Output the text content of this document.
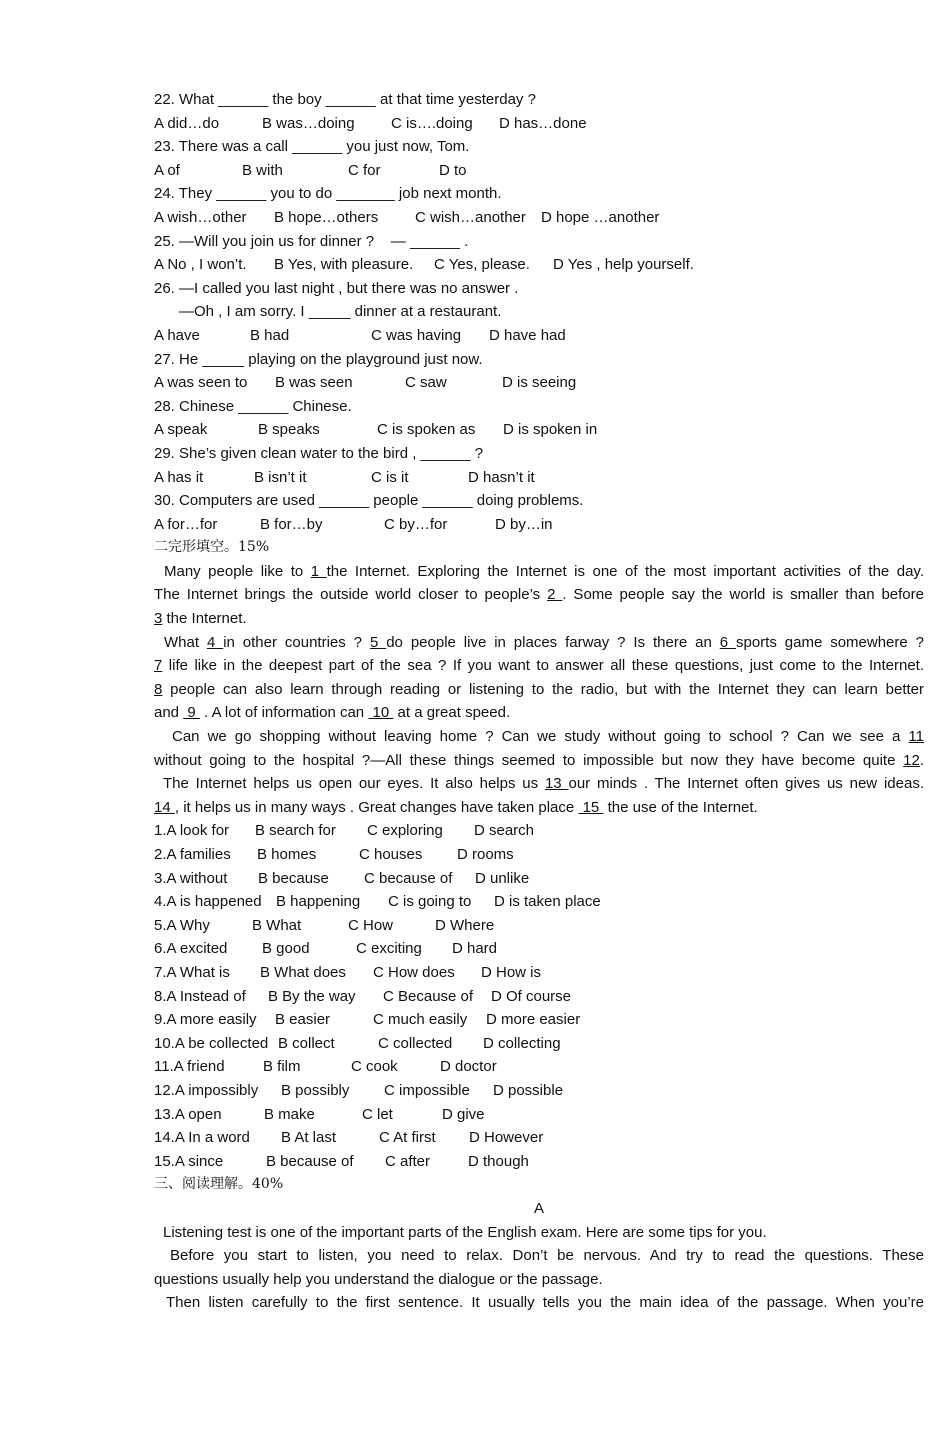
22. What ______ the boy ______ at that time yesterday ?
A did…do	B was…doing C is….doing D has…done
23. There was a call ______ you just now, Tom.
A of	B with	C for	D to
24. They ______ you to do _______ job next month.
A wish…other B hope…others C wish…another D hope …another
25. —Will you join us for dinner ?    — ______ .
A No , I won’t. B Yes, with pleasure. C Yes, please. D Yes , help yourself.
26. —I called you last night , but there was no answer .
—Oh , I am sorry. I _____ dinner at a restaurant.
A have	B had	C was having D have had
27. He _____ playing on the playground just now.
A was seen to B was seen	C saw	D is seeing
28. Chinese ______ Chinese.
A speak	B speaks	C is spoken as D is spoken in
29. She’s given clean water to the bird , ______ ?
A has it	B isn’t it	C is it	D hasn’t it
30. Computers are used ______ people ______ doing problems.
A for…for	B for…by	C by…for	D by…in
二完形填空。15%
Many people like to 1 the Internet. Exploring the Internet is one of the most important activities of the day.
The Internet brings the outside world closer to people’s 2 . Some people say the world is smaller than before
3 the Internet.
What 4 in other countries ? 5 do people live in places farway ? Is there an 6 sports game somewhere ?
7 life like in the deepest part of the sea ? If you want to answer all these questions, just come to the Internet.
8 people can also learn through reading or listening to the radio, but with the Internet they can learn better
and  9  . A lot of information can  10  at a great speed.
Can we go shopping without leaving home ? Can we study without going to school ? Can we see a 11
without going to the hospital ?—All these things seemed to impossible but now they have become quite 12.
The Internet helps us open our eyes. It also helps us 13 our minds . The Internet often gives us new ideas.
14 , it helps us in many ways . Great changes have taken place  15  the use of the Internet.
1.A look for B search for C exploring D search
2.A families B homes	C houses D rooms
3.A without B because C because of D unlike
4.A is happened B happening C is going to D is taken place
5.A Why	B What	C How	D Where
6.A excited B good	C exciting D hard
7.A What is B What does C How does D How is
8.A Instead of B By the way C Because of D Of course
9.A more easily B easier	C much easily D more easier
10.A be collected B collect	C collected D collecting
11.A friend	B film	C cook	D doctor
12.A impossibly B possibly C impossible D possible
13.A open	B make	C let	D give
14.A In a word B At last	C At first D However
15.A since	B because of C after	D though
三、阅读理解。40%
A
Listening test is one of the important parts of the English exam. Here are some tips for you.
Before you start to listen, you need to relax. Don’t be nervous. And try to read the questions. These
questions usually help you understand the dialogue or the passage.
Then listen carefully to the first sentence. It usually tells you the main idea of the passage. When you’re
